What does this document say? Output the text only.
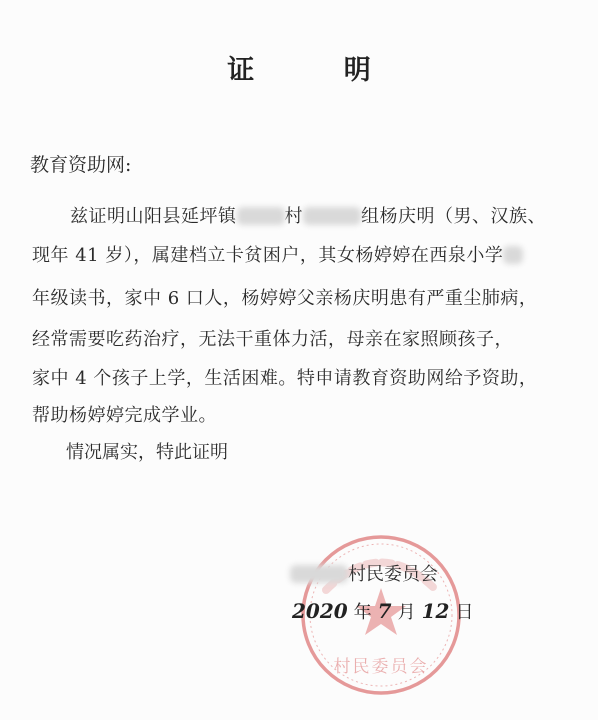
证 明
教育资助网:
兹证明山阳县延坪镇	村	组杨庆明（男、汉族、
现年 41 岁），属建档立卡贫困户，其女杨婷婷在西泉小学
年级读书，家中 6 口人，杨婷婷父亲杨庆明患有严重尘肺病，
经常需要吃药治疗，无法干重体力活，母亲在家照顾孩子，
家中 4 个孩子上学，生活困难。特申请教育资助网给予资助，
帮助杨婷婷完成学业。
情况属实，特此证明
村民委员会
村民委员会
2020 年 7 月 12 日
